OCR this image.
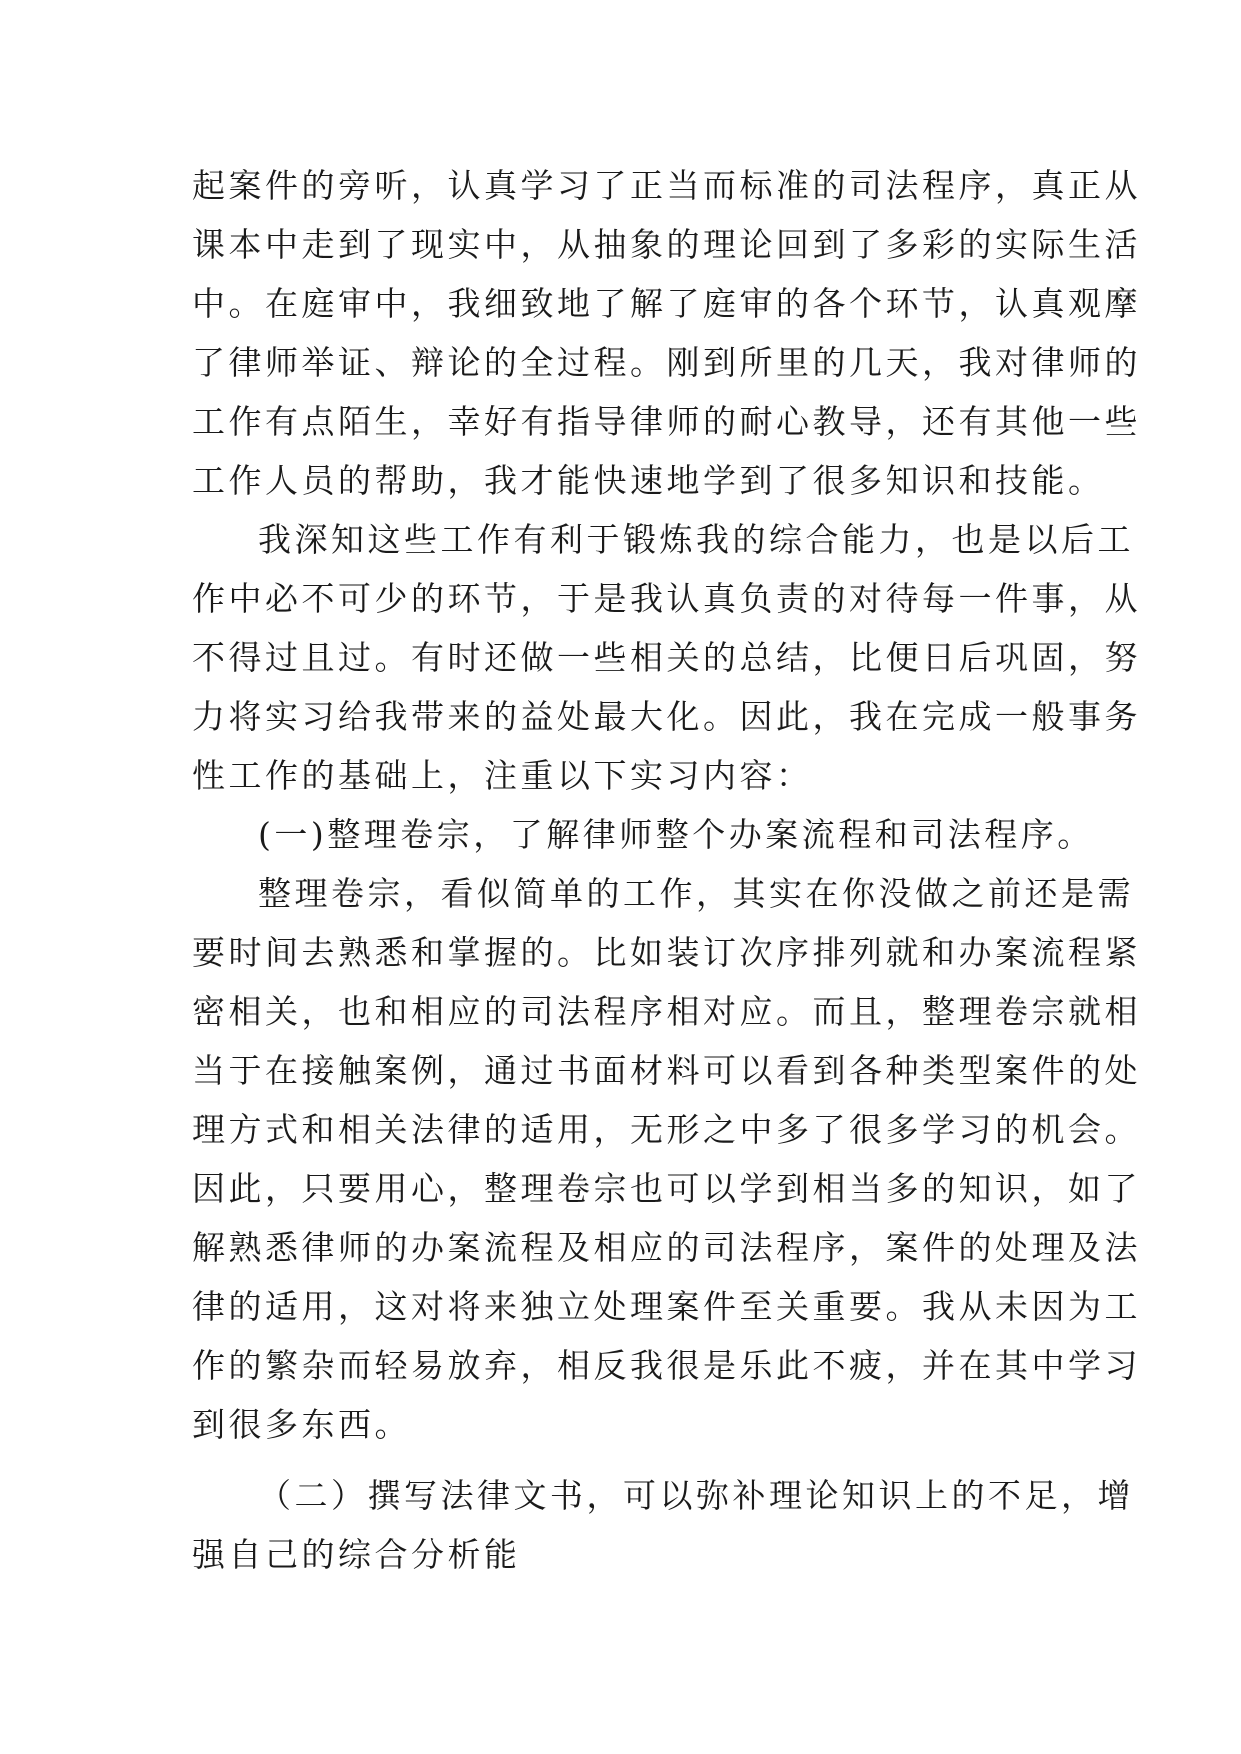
起案件的旁听，认真学习了正当而标准的司法程序，真正从
课本中走到了现实中，从抽象的理论回到了多彩的实际生活
中。在庭审中，我细致地了解了庭审的各个环节，认真观摩
了律师举证、辩论的全过程。刚到所里的几天，我对律师的
工作有点陌生，幸好有指导律师的耐心教导，还有其他一些
工作人员的帮助，我才能快速地学到了很多知识和技能。
我深知这些工作有利于锻炼我的综合能力，也是以后工
作中必不可少的环节，于是我认真负责的对待每一件事，从
不得过且过。有时还做一些相关的总结，比便日后巩固，努
力将实习给我带来的益处最大化。因此，我在完成一般事务
性工作的基础上，注重以下实习内容：
(一)整理卷宗，了解律师整个办案流程和司法程序。
整理卷宗，看似简单的工作，其实在你没做之前还是需
要时间去熟悉和掌握的。比如装订次序排列就和办案流程紧
密相关，也和相应的司法程序相对应。而且，整理卷宗就相
当于在接触案例，通过书面材料可以看到各种类型案件的处
理方式和相关法律的适用，无形之中多了很多学习的机会。
因此，只要用心，整理卷宗也可以学到相当多的知识，如了
解熟悉律师的办案流程及相应的司法程序，案件的处理及法
律的适用，这对将来独立处理案件至关重要。我从未因为工
作的繁杂而轻易放弃，相反我很是乐此不疲，并在其中学习
到很多东西。
（二）撰写法律文书，可以弥补理论知识上的不足，增
强自己的综合分析能
